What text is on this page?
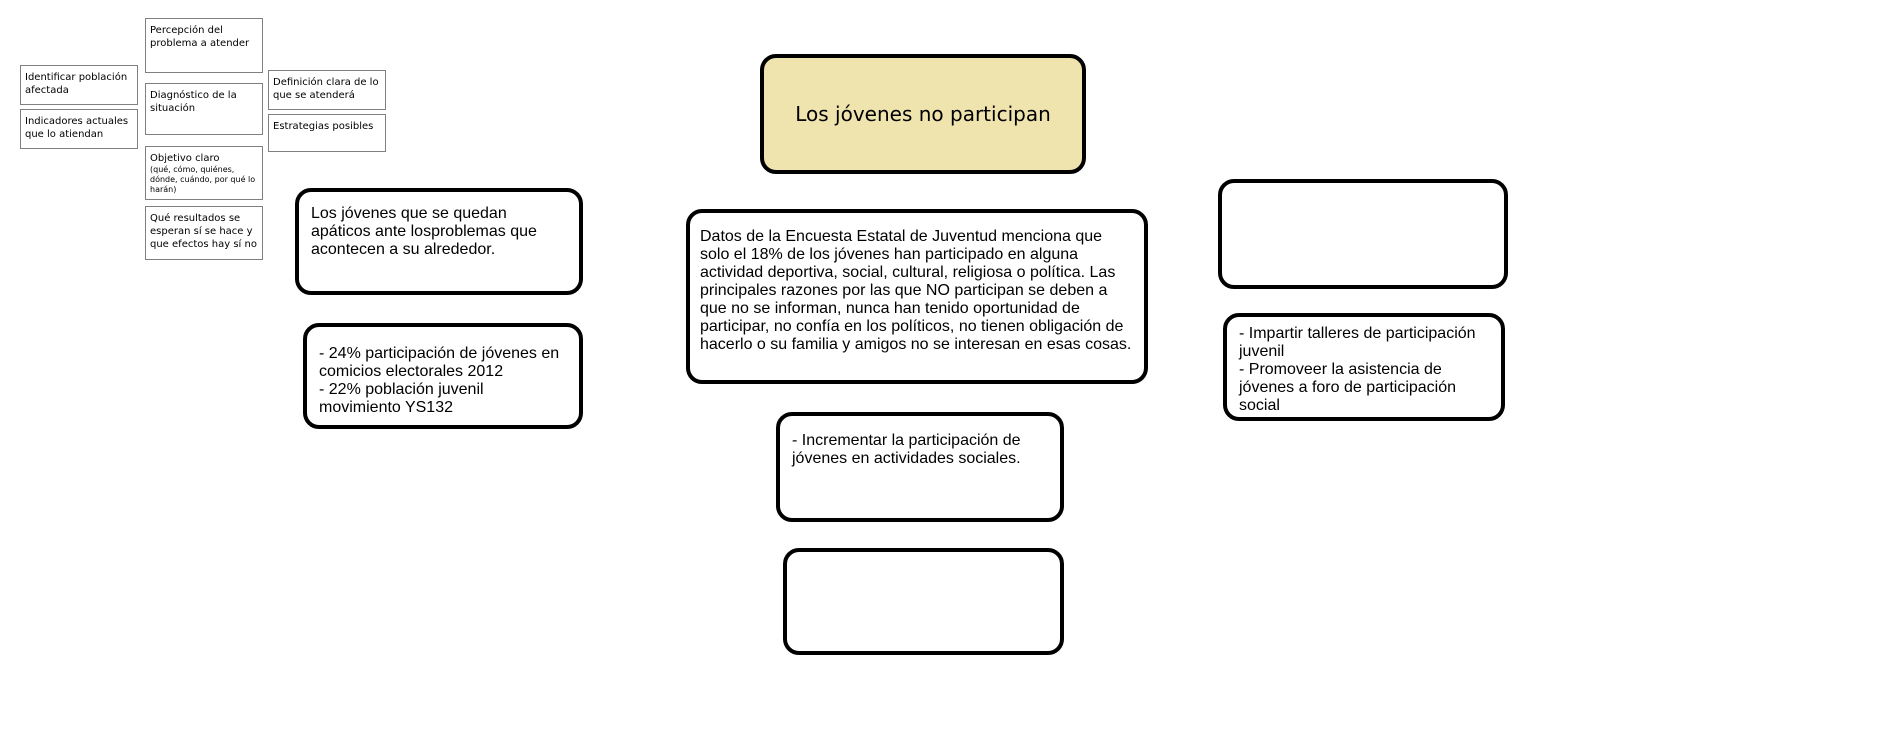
Percepción del problema a atender
Identificar población afectada	Diagnóstico de la situación
Definición clara de lo que se atenderá
Indicadores actuales que lo atiendan
Estrategias posibles
Objetivo claro
(qué, cómo, quiénes, dónde, cuándo, por qué lo harán)
Qué resultados se esperan sí se hace y que efectos hay sí no
Los jóvenes no participan
Los jóvenes que se quedan apáticos ante losproblemas que acontecen a su alrededor.
- 24% participación de jóvenes en comicios electorales 2012
- 22% población juvenil movimiento YS132
Datos de la Encuesta Estatal de Juventud menciona que solo el 18% de los jóvenes han participado en alguna actividad deportiva, social, cultural, religiosa o política. Las principales razones por las que NO participan se deben a que no se informan, nunca han tenido oportunidad de participar, no confía en los políticos, no tienen obligación de hacerlo o su familia y amigos no se interesan en esas cosas.
- Incrementar la participación de jóvenes en actividades sociales.
- Impartir talleres de participación juvenil
- Promoveer la asistencia de jóvenes a foro de participación social
